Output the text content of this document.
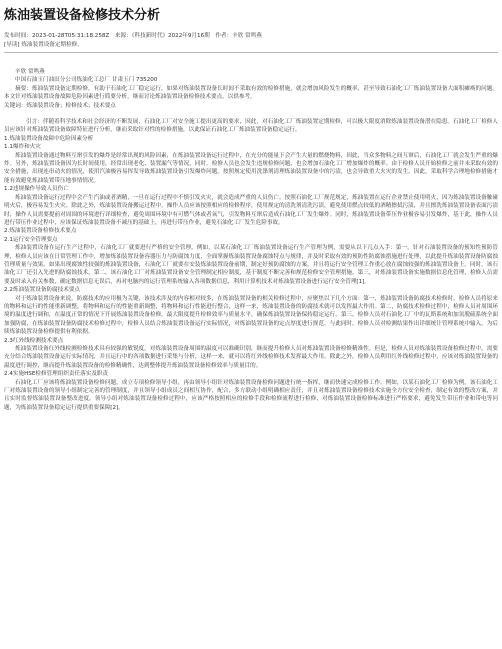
炼油装置设备检修技术分析
发布时间：2023-01-28T05:31:18.258Z　来源：《科技新时代》2022年9月16期　作者：辛欣 常鸣燕
[导读] 炼油装置设备定期检修，
辛欣 常鸣燕
中国石油玉门油田分公司炼油化工总厂 甘肃玉门 735200
摘要：炼油装置设备定期检修，有助于石油化工厂稳定运行。如果对炼油装置设备长时间不采取有效的检修措施，就会增加风险发生的概率，甚至导致石油化工厂炼油装置设备大面积瘫痪的问题。本文针对炼油装置设备故障危险因素进行简要分析，继而讨论炼油装置设备检修技术要点，以供参考。
关键词：炼油装置设备；检修技术；技术要点
引言：伴随着科学技术和社会经济的不断发展，石油化工厂对安全施工提出更高的要求，因此，对石油化工厂炼油装置定期检修，可以极大限度消除炼油装置设备潜在隐患。石油化工厂检修人员应该针对炼油装置设备故障特征进行分析，继而采取针对性的检修措施，以此保证石油化工厂炼油装置设备稳定运行。
1.炼油装置设备故障中危险因素分析
1.1爆炸和火灾
炼油装置设备通过物料互窜引发的爆炸是经常出现的风险因素，在炼油装置设备运行过程中，在充分的能量下会产生大量的燃烧物料，因此，当众多物料之间互窜后，石油化工厂就会发生严重的爆炸。另外，炼油装置设备因为长时间使用，经常出现老化、装置漏气等情况，同时，检修人员也会发生违规检修问题，也会增加石油化工厂增加爆炸的概率。由于检修人员开始检修之前并未采取有效的安全措施，出现连串动火的情况，使用汽油极容易挥发导致炼油装置设备引发爆炸问题。按照规定使用洗涤剂清理炼油装置设备中的污渍，也会导致重大火灾的发生，因此，采取科学合理地检修措施才能有效避免炼油装置带压地事情情况。
1.2违规操作导致人员伤亡
炼油装置设备运行过程中会产生汽油或者酒精，一旦在运行过程中不慎引发火灾，就会造成严重的人员伤亡。按照石油化工厂规范规定，炼油装置在运行企业禁止使用明火，因为炼油装置设备触碰明火后，极容易发生火灾。除此之外，炼油装置设备搬运过程中，操作人员应该按照相应的检修程序，使用规定的清洗剂清洗污渍，避免使用燃点较低的酒精擦拭污渍，并且擦洗炼油装置设备表面污渍时，操作人员需要提前对周围的环境进行详细检查，避免周围环境中有可燃气体或者氧气，引发物料互窜后造成石油化工厂发生爆炸。同时，炼油装置设备带压作业极容易引发爆炸，基于此，操作人员进行带压作业过程中，应该保证炼油装置设备不减压的基础上，再进行带压作业，避免石油化工厂发生危险事故。
2.炼油装置设备检修技术要点
2.1运行安全管理要点
炼油装置设备在运行生产过程中，石油化工厂就要进行严格的安全管理。例如，以某石油化工厂炼油装置设备运行生产管理为例，需要从以下几点入手：第一，针对石油装置设备的预知性预防管理，检修人员应该在日常管理工作中，增加炼油装置设备容器压力与防腐蚀力度，全面掌握炼油装置设备腐蚀特点与规律，并及时采取有效的预防性防腐蚀措施进行处理，以此提升炼油装置设备防腐蚀管理质量与效果。如果出现腐蚀性较强的炼油装置设备，石油化工厂就要在安装炼油装置设备前期，制定好预防腐蚀的方案，并且将运行安全管理工作重心放在腐蚀较强的炼油装置设备上。同时，该石油化工厂还引入先进的防腐蚀技术。第二，该石油化工厂对炼油装置设备安全管理制定相应制度，基于制度不断完善和规范检修安全管理措施。第三，对炼油装置设备实施数据信息化管理，检修人员需要及时录入有关参数，确定数据信息无误后，再对电脑内的运行管理系统输入各项数据信息，利用计算机技术对炼油装置设备进行运行安全管理[1]。
2.2炼油装置设备防腐技术要点
对于炼油装置设备来说，防腐技术的应用极为关键，该技术涉及的内容相对较多，在炼油装置设备的相关检修过程中，应聚焦以下几个方面：第一，炼油装置设备防腐技术检修时，检修人员将原来的物料和运行的性能重新调整，将物料和运行的性能重新调整，将物料和运行性能进行整合，这样一来，炼油装置设备的防腐技术就可以发挥最大作用。第二，防腐技术检修过程中，检修人员对周围环境的温度进行调和，在温度正常的情况下开展炼油装置设备检修，最大限度提升检修效率与质量水平，确保炼油装置设备保持稳定运行。第三，检修人员对石油化工厂中的瓦斯系统和加氢脱硫系统全面加强防腐，在炼油装置设备防腐技术检修过程中，检修人员结合炼油装置设备运行实际情况，对炼油装置设备的定点厚度进行规范。与此同时，检修人员对检测结果作出详细统计管理系统中输入，为后续炼油装置设备检修提供有利依据。
2.3红外线检测技术要点
炼油装置设备红外线检测检修技术具有较强的敏锐度，对炼油装置设备周围的温度可以准确识别，继而提升检修人员对炼油装置设备检修精准性。但是，检修人员对炼油装置设备检修过程中，需要充分结合炼油装置设备运行实际情况，并且运行中的各项数据进行采集与分析，这样一来，就可以将红外线检修技术发挥最大作用。除此之外，检修人员利用红外线检修过程中，应该对炼油装置设备的温度进行调控，继而提升炼油装置设备的检修精确性，达到整体提升炼油装置设备检修效率与质量目的。
2.4实施HSE检修管理组织责任落实及职责
石油化工厂应该将炼油装置设备检修问题，成立专项检修领导小组，再由领导小组针对炼油装置设备检修问题进行统一指挥，继而快速完成检修工作。例如，以某石油化工厂检修为例，该石油化工厂对炼油装置设备的领导小组制定完善的管理制度，并且领导小组成员之间相互协作，配合，多方联动小组明确相应责任，并且对炼油装置设备检修技术实施全方位安全检查，制定有效的整改方案，并且实时监督炼油装置设备整改进度。领导小组对炼油装置设备检修过程中，应该严格按照相应的检修手段和检修流程进行检修，对炼油装置设备检修标准进行严格要求，避免发生带压作业和带电等问题，为炼油装置设备稳定运行提供重要保障[2]。
